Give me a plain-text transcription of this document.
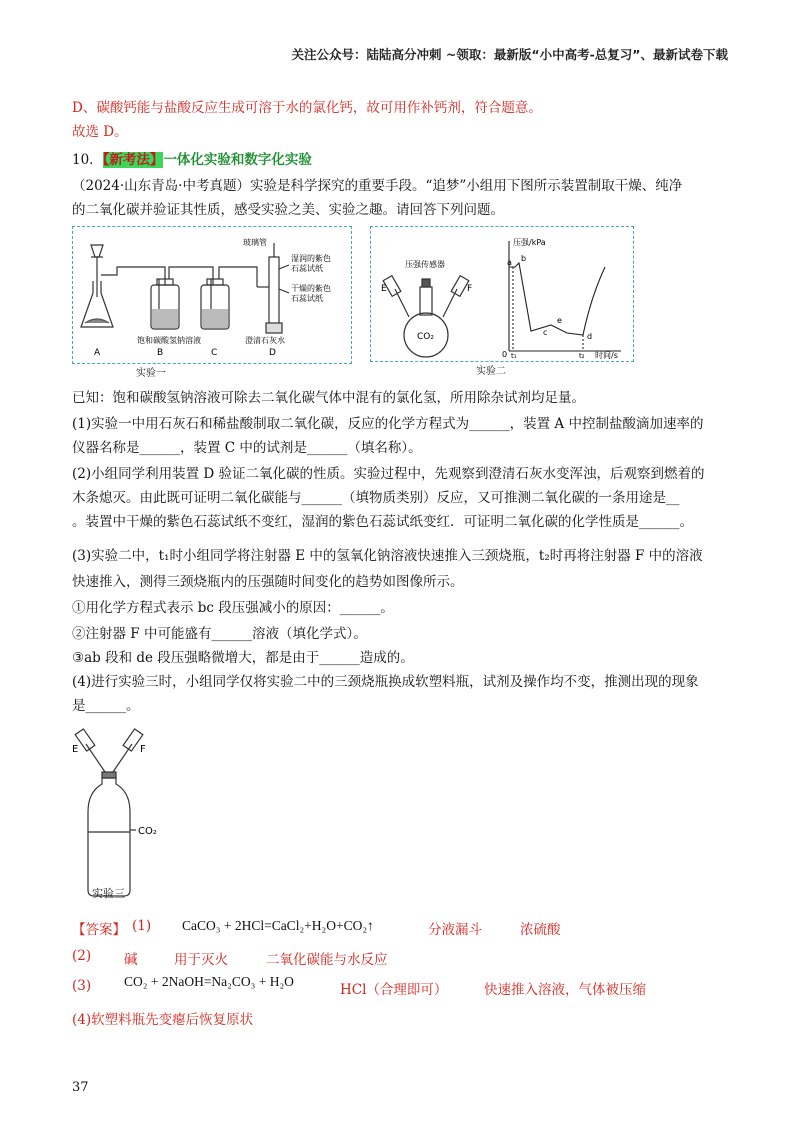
关注公众号：陆陆高分冲刺 ~领取：最新版“小中高考-总复习”、最新试卷下载
D、碳酸钙能与盐酸反应生成可溶于水的氯化钙，故可用作补钙剂，符合题意。
故选 D。
10．【新考法】一体化实验和数字化实验
（2024·山东青岛·中考真题）实验是科学探究的重要手段。“追梦”小组用下图所示装置制取干燥、纯净
的二氧化碳并验证其性质，感受实验之美、实验之趣。请回答下列问题。
A	B	C	D
玻璃管
湿润的紫色
石蕊试纸
干燥的紫色
石蕊试纸
饱和碳酸氢钠溶液	澄清石灰水
实验一
压强传感器
E	F
CO₂
压强/kPa
时间/s
0 t₁	t₂
a b
c	d
e
实验二
已知：饱和碳酸氢钠溶液可除去二氧化碳气体中混有的氯化氢，所用除杂试剂均足量。
(1)实验一中用石灰石和稀盐酸制取二氧化碳，反应的化学方程式为______，装置 A 中控制盐酸滴加速率的
仪器名称是______，装置 C 中的试剂是______（填名称）。
(2)小组同学利用装置 D 验证二氧化碳的性质。实验过程中，先观察到澄清石灰水变浑浊，后观察到燃着的
木条熄灭。由此既可证明二氧化碳能与______（填物质类别）反应，又可推测二氧化碳的一条用途是__
。装置中干燥的紫色石蕊试纸不变红，湿润的紫色石蕊试纸变红．可证明二氧化碳的化学性质是______。
(3)实验二中，t₁时小组同学将注射器 E 中的氢氧化钠溶液快速推入三颈烧瓶，t₂时再将注射器 F 中的溶液
快速推入，测得三颈烧瓶内的压强随时间变化的趋势如图像所示。
①用化学方程式表示 bc 段压强减小的原因：______。
②注射器 F 中可能盛有______溶液（填化学式）。
③ab 段和 de 段压强略微增大，都是由于______造成的。
(4)进行实验三时，小组同学仅将实验二中的三颈烧瓶换成软塑料瓶，试剂及操作均不变，推测出现的现象
是______。
E	F
CO₂
实验三
【答案】 (1) CaCO₃ + 2HCl=CaCl₂+H₂O+CO₂↑	分液漏斗	浓硫酸
(2) 碱	用于灭火	二氧化碳能与水反应
(3) CO₂ + 2NaOH=Na₂CO₃ + H₂O
HCl（合理即可）	快速推入溶液，气体被压缩
(4)软塑料瓶先变瘪后恢复原状
37
